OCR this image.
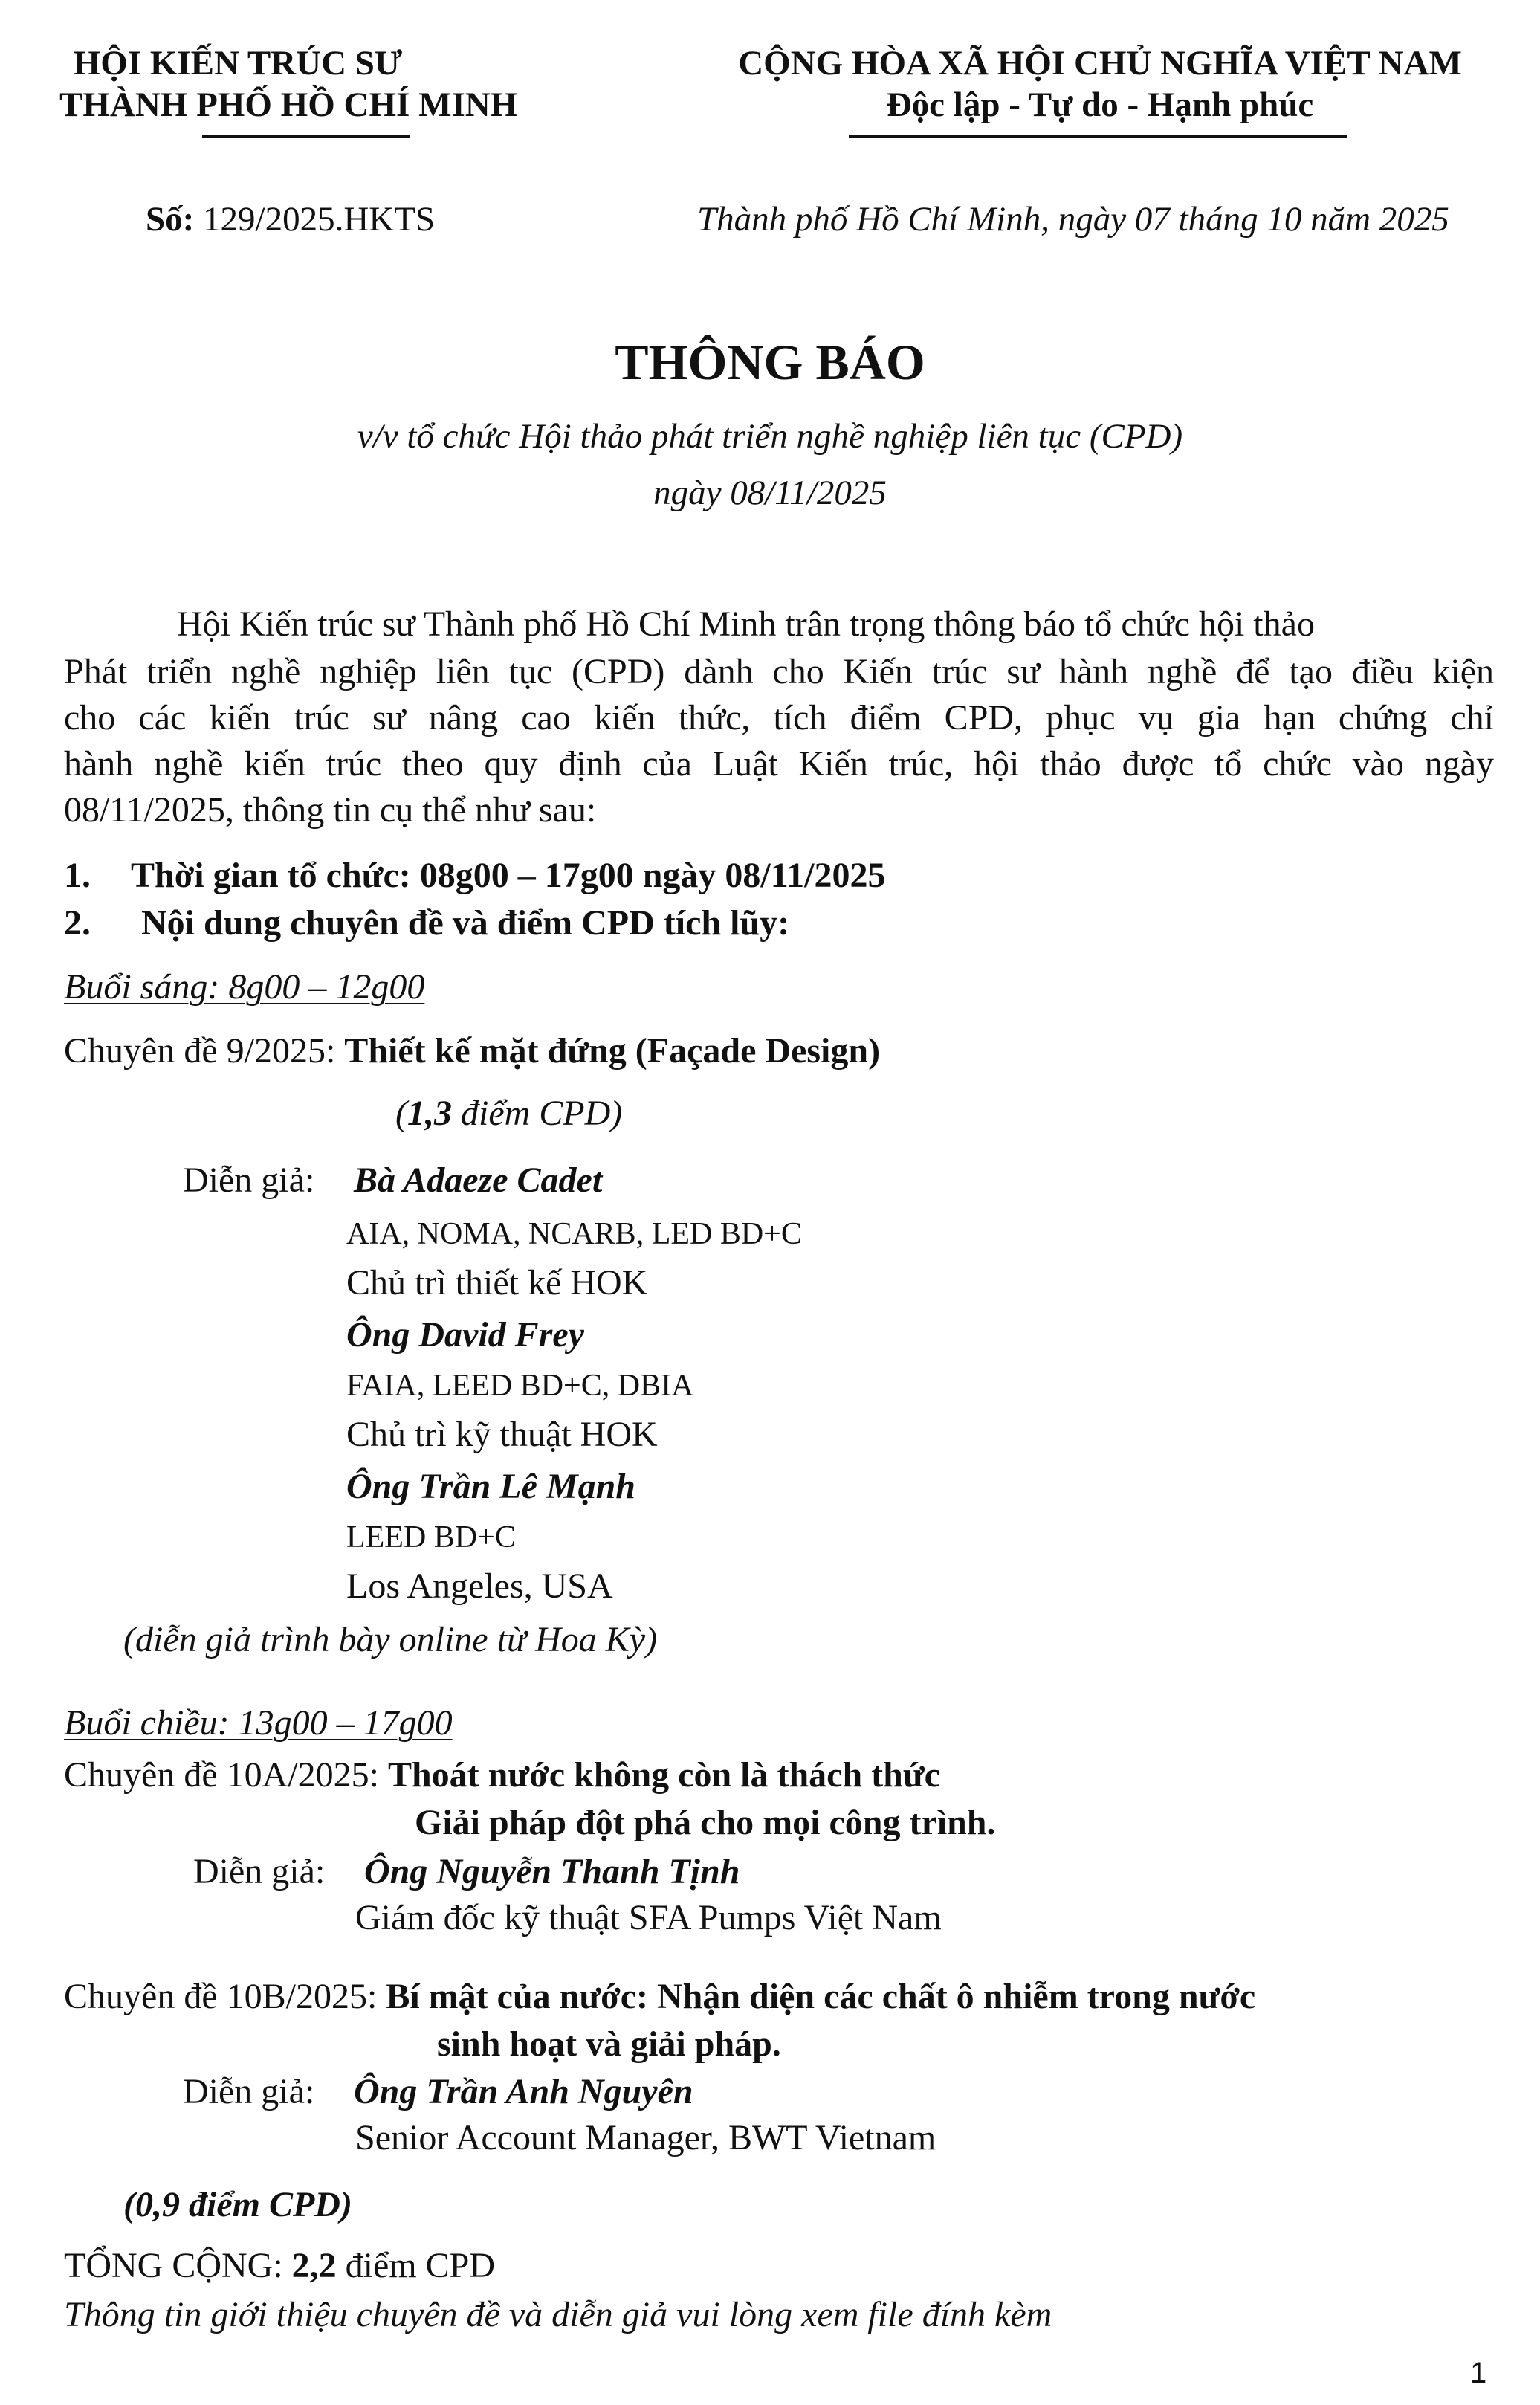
HỘI KIẾN TRÚC SƯ
THÀNH PHỐ HỒ CHÍ MINH
CỘNG HÒA XÃ HỘI CHỦ NGHĨA VIỆT NAM
Độc lập - Tự do - Hạnh phúc
Số: 129/2025.HKTS	Thành phố Hồ Chí Minh, ngày 07 tháng 10 năm 2025
THÔNG BÁO
v/v tổ chức Hội thảo phát triển nghề nghiệp liên tục (CPD)
ngày 08/11/2025
Hội Kiến trúc sư Thành phố Hồ Chí Minh trân trọng thông báo tổ chức hội thảo
Phát triển nghề nghiệp liên tục (CPD) dành cho Kiến trúc sư hành nghề để tạo điều kiện
cho các kiến trúc sư nâng cao kiến thức, tích điểm CPD, phục vụ gia hạn chứng chỉ
hành nghề kiến trúc theo quy định của Luật Kiến trúc, hội thảo được tổ chức vào ngày
08/11/2025, thông tin cụ thể như sau:
1. Thời gian tổ chức: 08g00 – 17g00 ngày 08/11/2025
2. Nội dung chuyên đề và điểm CPD tích lũy:
Buổi sáng: 8g00 – 12g00
Chuyên đề 9/2025: Thiết kế mặt đứng (Façade Design)
(1,3 điểm CPD)
Diễn giả: Bà Adaeze Cadet
AIA, NOMA, NCARB, LED BD+C
Chủ trì thiết kế HOK
Ông David Frey
FAIA, LEED BD+C, DBIA
Chủ trì kỹ thuật HOK
Ông Trần Lê Mạnh
LEED BD+C
Los Angeles, USA
(diễn giả trình bày online từ Hoa Kỳ)
Buổi chiều: 13g00 – 17g00
Chuyên đề 10A/2025: Thoát nước không còn là thách thức
Giải pháp đột phá cho mọi công trình.
Diễn giả: Ông Nguyễn Thanh Tịnh
Giám đốc kỹ thuật SFA Pumps Việt Nam
Chuyên đề 10B/2025: Bí mật của nước: Nhận diện các chất ô nhiễm trong nước
sinh hoạt và giải pháp.
Diễn giả: Ông Trần Anh Nguyên
Senior Account Manager, BWT Vietnam
(0,9 điểm CPD)
TỔNG CỘNG: 2,2 điểm CPD
Thông tin giới thiệu chuyên đề và diễn giả vui lòng xem file đính kèm
1
